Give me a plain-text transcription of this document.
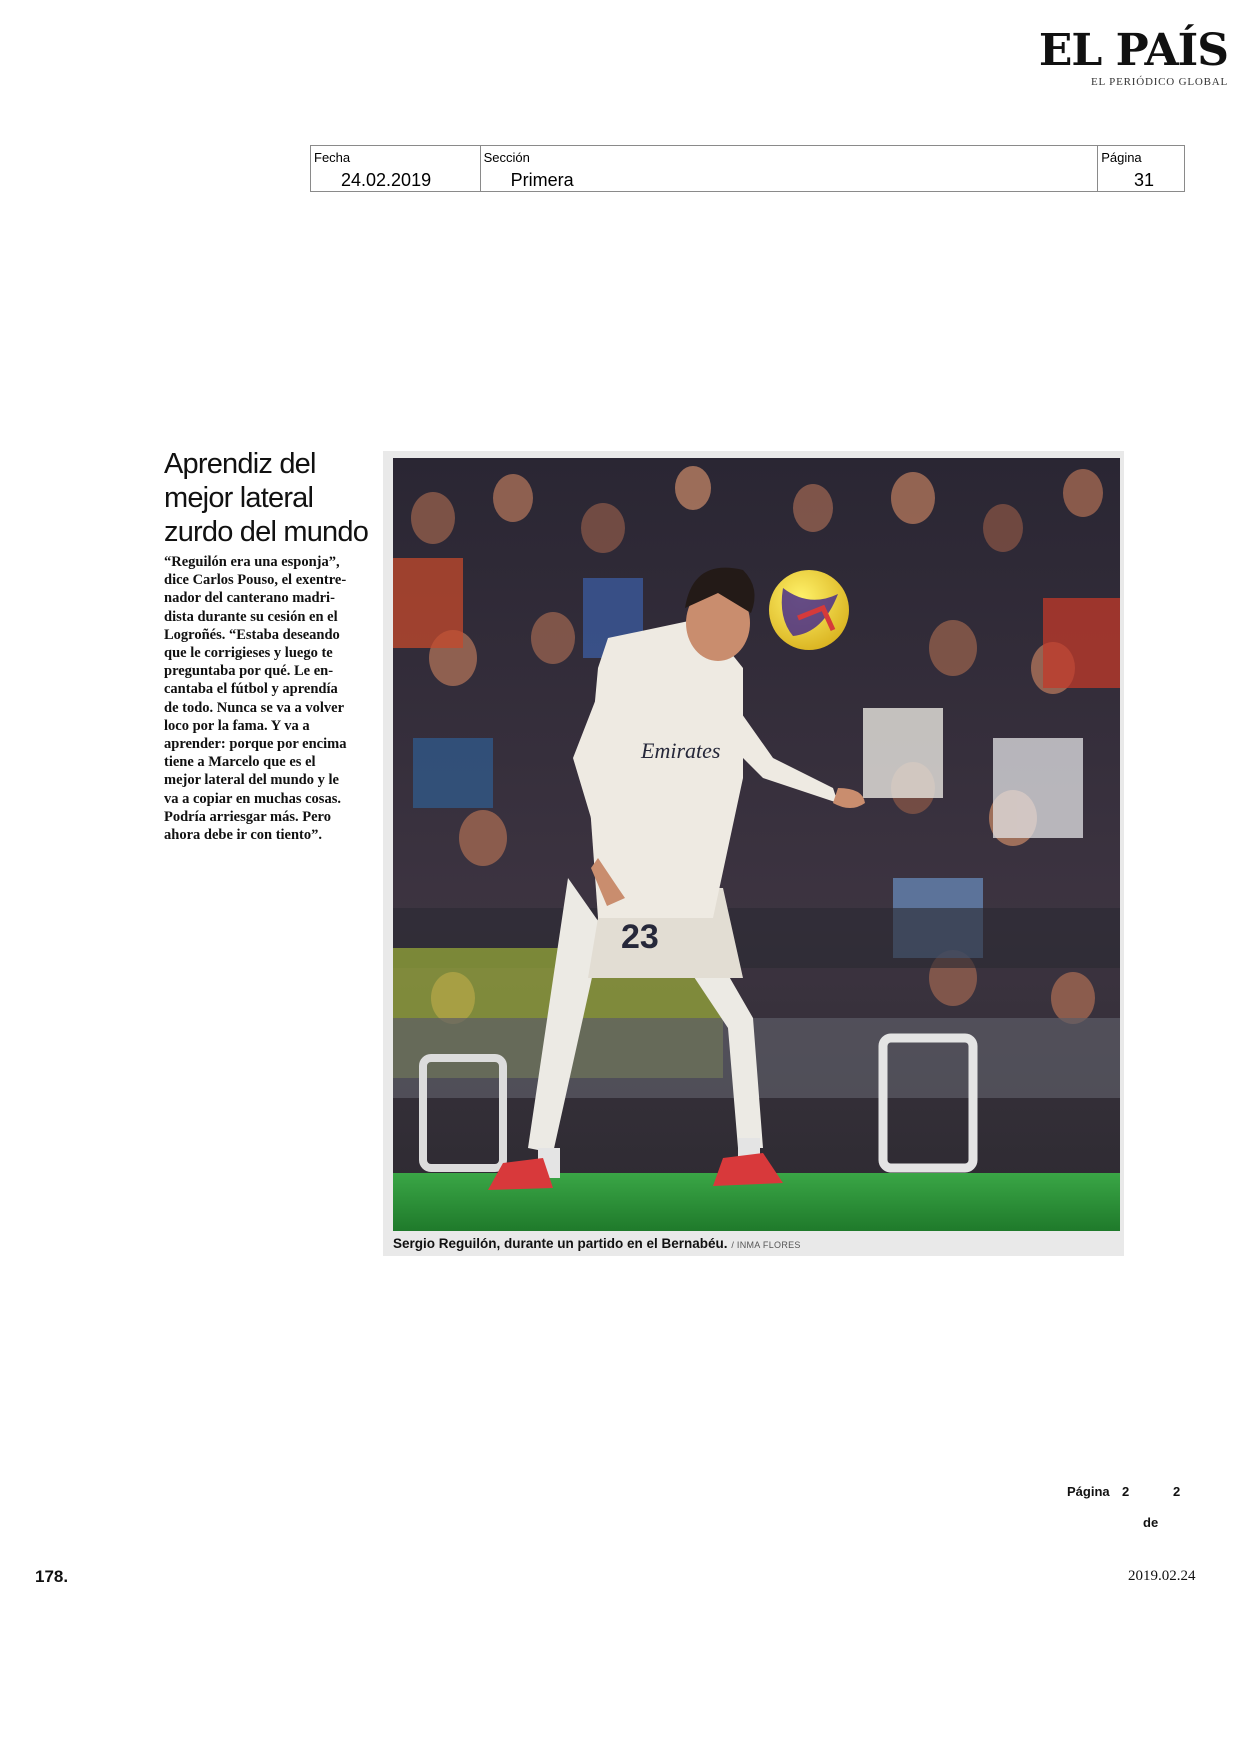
EL PAÍS
EL PERIÓDICO GLOBAL
Fecha
24.02.2019
Sección
Primera
Página
31
Aprendiz del
mejor lateral
zurdo del mundo
“Reguilón era una esponja”,
dice Carlos Pouso, el exentre-
nador del canterano madri-
dista durante su cesión en el
Logroñés. “Estaba deseando
que le corrigieses y luego te
preguntaba por qué. Le en-
cantaba el fútbol y aprendía
de todo. Nunca se va a volver
loco por la fama. Y va a
aprender: porque por encima
tiene a Marcelo que es el
mejor lateral del mundo y le
va a copiar en muchas cosas.
Podría arriesgar más. Pero
ahora debe ir con tiento”.
Emirates
23
Sergio Reguilón, durante un partido en el Bernabéu. / INMA FLORES
Página 2	2
de
178.	2019.02.24
